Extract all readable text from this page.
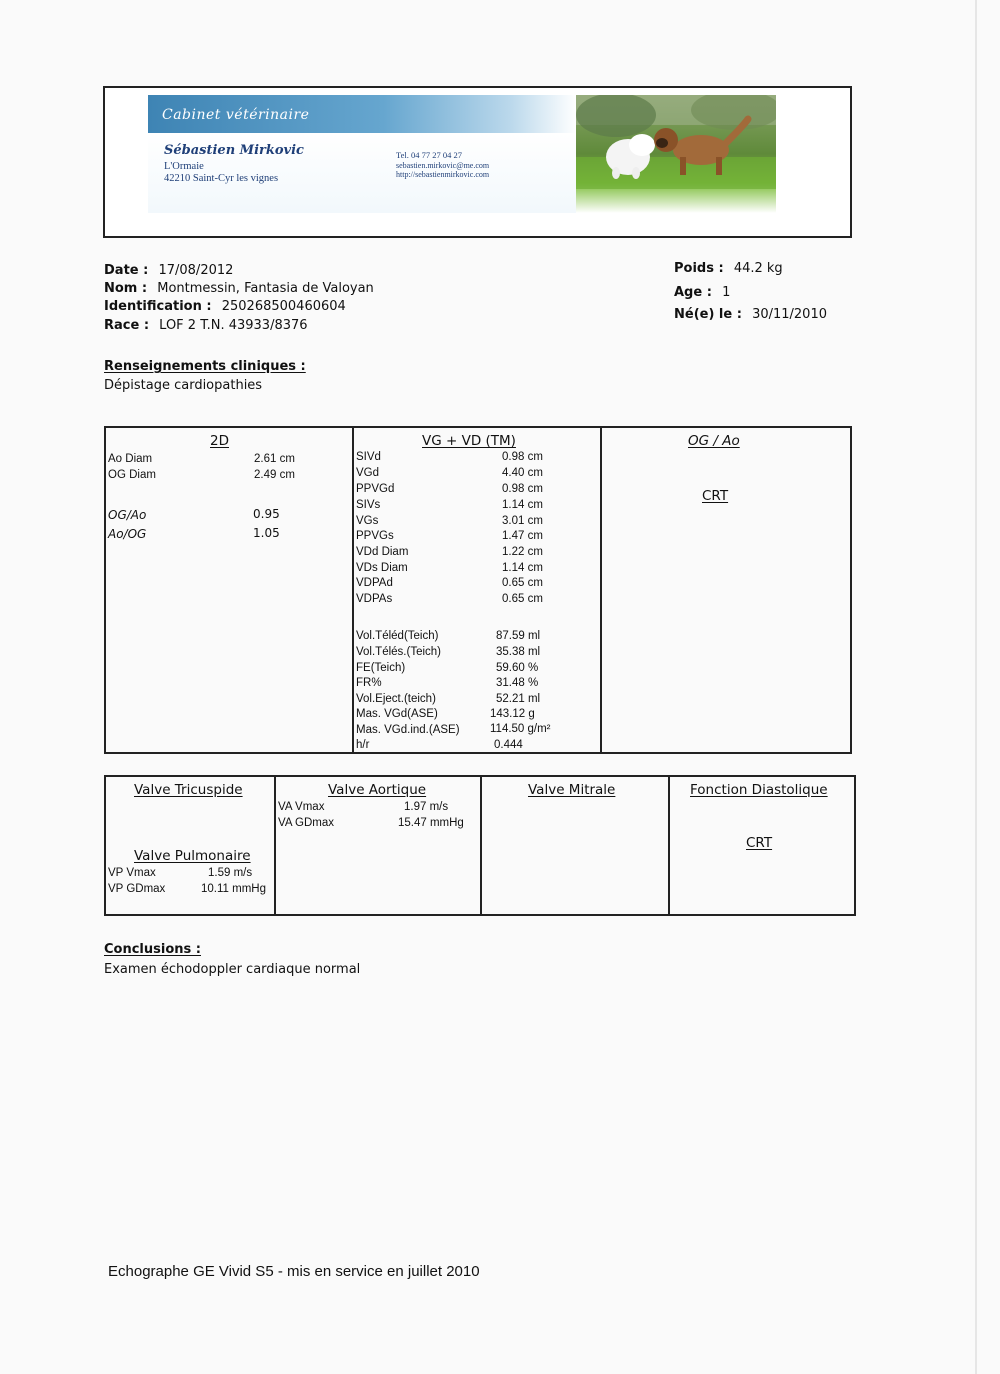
Cabinet vétérinaire
Sébastien Mirkovic
L'Ormaie
42210 Saint-Cyr les vignes
Tel. 04 77 27 04 27
sebastien.mirkovic@me.com
http://sebastienmirkovic.com
Date : 17/08/2012
Nom : Montmessin, Fantasia de Valoyan
Identification : 250268500460604
Race : LOF 2 T.N. 43933/8376
Poids : 44.2 kg
Age : 1
Né(e) le : 30/11/2010
Renseignements cliniques :
Dépistage cardiopathies
2D
Ao Diam	2.61 cm
OG Diam	2.49 cm
OG/Ao	0.95
Ao/OG	1.05
VG + VD (TM)
SIVd	0.98 cm
VGd	4.40 cm
PPVGd	0.98 cm
SIVs	1.14 cm
VGs	3.01 cm
PPVGs	1.47 cm
VDd Diam	1.22 cm
VDs Diam	1.14 cm
VDPAd	0.65 cm
VDPAs	0.65 cm
Vol.Téléd(Teich)	87.59 ml
Vol.Télés.(Teich)	35.38 ml
FE(Teich)	59.60 %
FR%	31.48 %
Vol.Eject.(teich)	52.21 ml
Mas. VGd(ASE)	143.12 g
Mas. VGd.ind.(ASE)	114.50 g/m²
h/r	0.444
OG / Ao
CRT
Valve Tricuspide
Valve Pulmonaire
VP Vmax	1.59 m/s
VP GDmax	10.11 mmHg
Valve Aortique
VA Vmax	1.97 m/s
VA GDmax	15.47 mmHg
Valve Mitrale	Fonction Diastolique
CRT
Conclusions :
Examen échodoppler cardiaque normal
Echographe GE Vivid S5 - mis en service en juillet 2010
